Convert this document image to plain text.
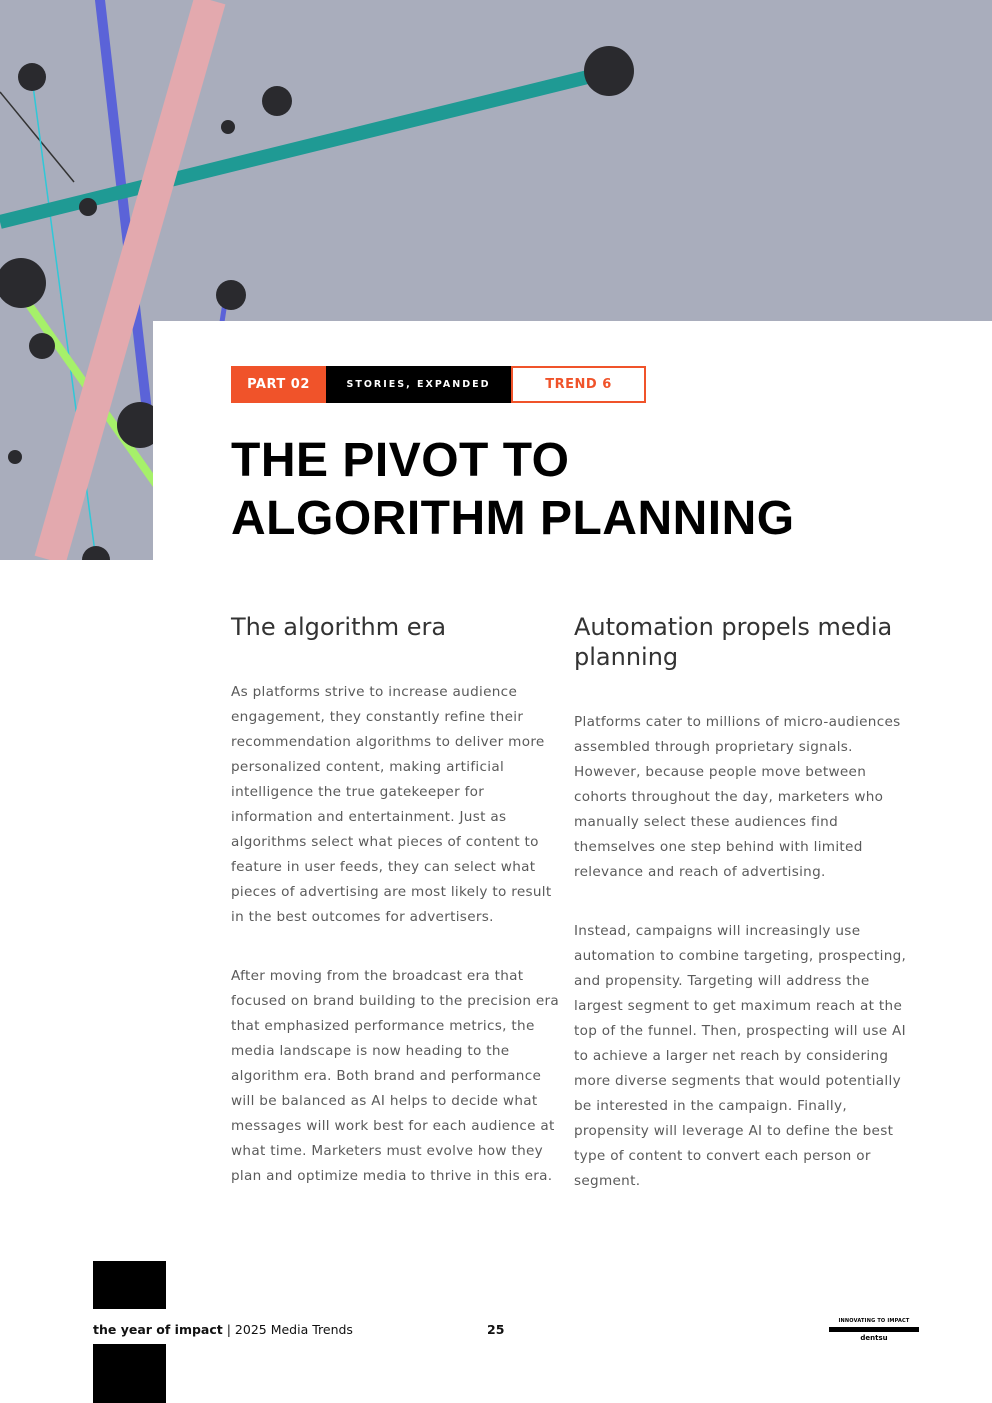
PART 02	STORIES, EXPANDED	TREND 6
THE PIVOT TO
ALGORITHM PLANNING
The algorithm era

As platforms strive to increase audience engagement, they constantly refine their recommendation algorithms to deliver more personalized content, making artificial intelligence the true gatekeeper for information and entertainment. Just as algorithms select what pieces of content to feature in user feeds, they can select what pieces of advertising are most likely to result in the best outcomes for advertisers.

After moving from the broadcast era that focused on brand building to the precision era that emphasized performance metrics, the media landscape is now heading to the algorithm era. Both brand and performance will be balanced as AI helps to decide what messages will work best for each audience at what time. Marketers must evolve how they plan and optimize media to thrive in this era.

Automation propels media planning

Platforms cater to millions of micro-audiences assembled through proprietary signals. However, because people move between cohorts throughout the day, marketers who manually select these audiences find themselves one step behind with limited relevance and reach of advertising.

Instead, campaigns will increasingly use automation to combine targeting, prospecting, and propensity. Targeting will address the largest segment to get maximum reach at the top of the funnel. Then, prospecting will use AI to achieve a larger net reach by considering more diverse segments that would potentially be interested in the campaign. Finally, propensity will leverage AI to define the best type of content to convert each person or segment.

the year of impact | 2025 Media Trends	25
INNOVATING TO IMPACT
dentsu
